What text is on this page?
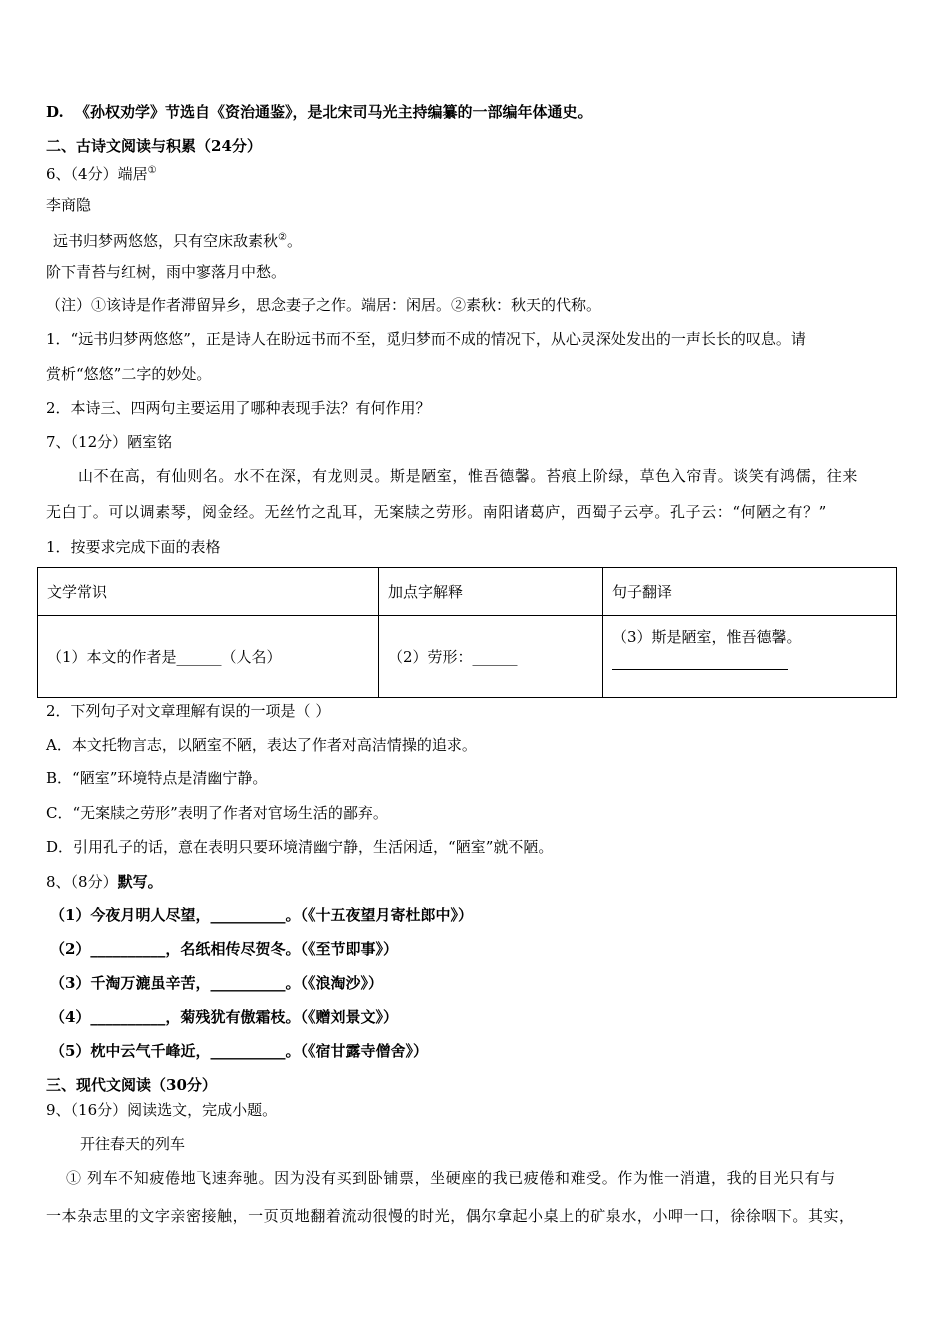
D. 《孙权劝学》节选自《资治通鉴》，是北宋司马光主持编纂的一部编年体通史。
二、古诗文阅读与积累（24分）
6、（4分）端居①
李商隐
远书归梦两悠悠，只有空床敌素秋②。
阶下青苔与红树，雨中寥落月中愁。
（注）①该诗是作者滞留异乡，思念妻子之作。端居：闲居。②素秋：秋天的代称。
1．“远书归梦两悠悠”，正是诗人在盼远书而不至，觅归梦而不成的情况下，从心灵深处发出的一声长长的叹息。请
赏析“悠悠”二字的妙处。
2．本诗三、四两句主要运用了哪种表现手法？有何作用？
7、（12分）陋室铭
山不在高，有仙则名。水不在深，有龙则灵。斯是陋室，惟吾德馨。苔痕上阶绿，草色入帘青。谈笑有鸿儒，往来
无白丁。可以调素琴，阅金经。无丝竹之乱耳，无案牍之劳形。南阳诸葛庐，西蜀子云亭。孔子云：“何陋之有？”
1．按要求完成下面的表格
文学常识	加点字解释	句子翻译
（1）本文的作者是______（人名）	（2）劳形：______	（3）斯是陋室，惟吾德馨。
2．下列句子对文章理解有误的一项是（ ）
A．本文托物言志，以陋室不陋，表达了作者对高洁情操的追求。
B．“陋室”环境特点是清幽宁静。
C．“无案牍之劳形”表明了作者对官场生活的鄙弃。
D．引用孔子的话，意在表明只要环境清幽宁静，生活闲适，“陋室”就不陋。
8、（8分）默写。
（1）今夜月明人尽望，__________。（《十五夜望月寄杜郎中》）
（2）__________，名纸相传尽贺冬。（《至节即事》）
（3）千淘万漉虽辛苦，__________。（《浪淘沙》）
（4）__________，菊残犹有傲霜枝。（《赠刘景文》）
（5）枕中云气千峰近，__________。（《宿甘露寺僧舍》）
三、现代文阅读（30分）
9、（16分）阅读选文，完成小题。
开往春天的列车
① 列车不知疲倦地飞速奔驰。因为没有买到卧铺票，坐硬座的我已疲倦和难受。作为惟一消遣，我的目光只有与
一本杂志里的文字亲密接触，一页页地翻着流动很慢的时光，偶尔拿起小桌上的矿泉水，小呷一口，徐徐咽下。其实，
